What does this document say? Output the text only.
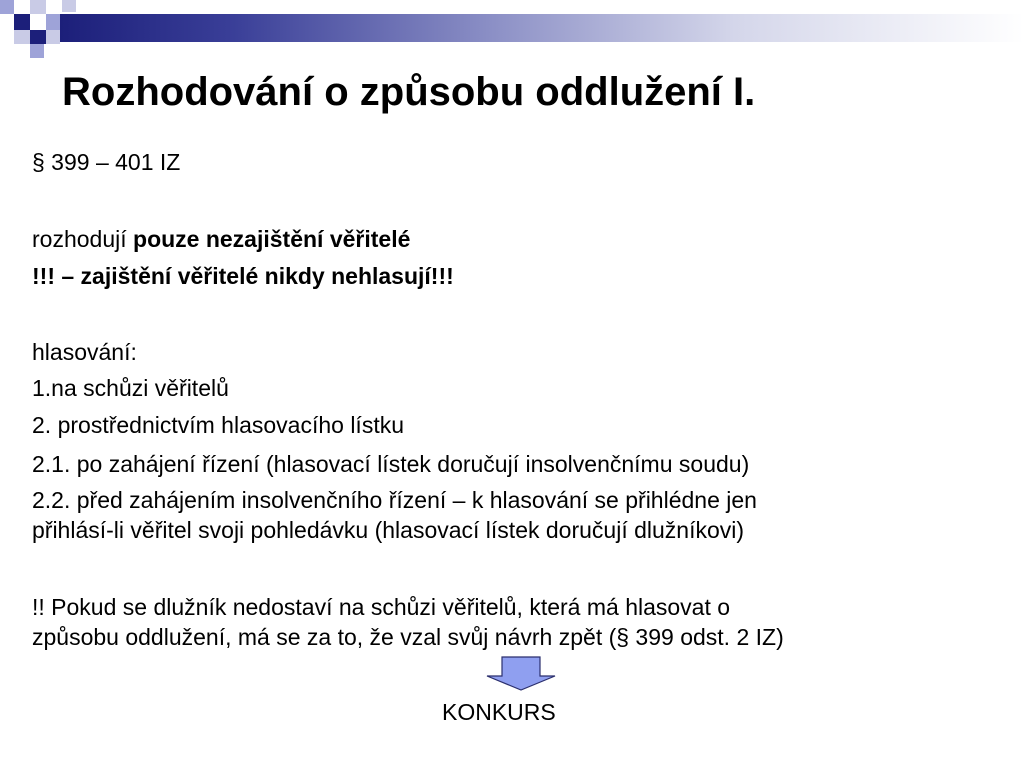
Rozhodování o způsobu oddlužení I.
§ 399 – 401 IZ
rozhodují pouze nezajištění věřitelé
!!! – zajištění věřitelé nikdy nehlasují!!!
hlasování:
1.na schůzi věřitelů
2. prostřednictvím hlasovacího lístku
2.1. po zahájení řízení (hlasovací lístek doručují insolvenčnímu soudu)
2.2. před zahájením insolvenčního řízení – k hlasování se přihlédne jen
přihlásí-li věřitel svoji pohledávku (hlasovací lístek doručují dlužníkovi)
!! Pokud se dlužník nedostaví na schůzi věřitelů, která má hlasovat o
způsobu oddlužení, má se za to, že vzal svůj návrh zpět (§ 399 odst. 2 IZ)
KONKURS
